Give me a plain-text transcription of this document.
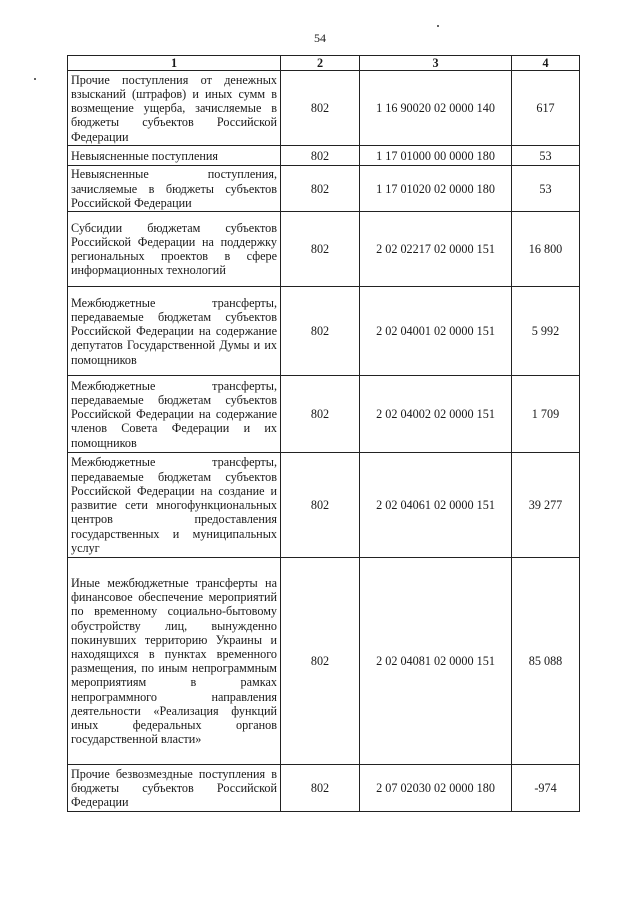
54
1	2	3	4
Прочие поступления от денежных взысканий (штрафов) и иных сумм в возмещение ущерба, зачисляемые в бюджеты субъектов Российской Федерации	802	1 16 90020 02 0000 140	617
Невыясненные поступления	802	1 17 01000 00 0000 180	53
Невыясненные поступления, зачисляемые в бюджеты субъектов Российской Федерации	802	1 17 01020 02 0000 180	53
Субсидии бюджетам субъектов Российской Федерации на поддержку региональных проектов в сфере информационных технологий	802	2 02 02217 02 0000 151	16 800
Межбюджетные трансферты, передаваемые бюджетам субъектов Российской Федерации на содержание депутатов Государственной Думы и их помощников	802	2 02 04001 02 0000 151	5 992
Межбюджетные трансферты, передаваемые бюджетам субъектов Российской Федерации на содержание членов Совета Федерации и их помощников	802	2 02 04002 02 0000 151	1 709
Межбюджетные трансферты, передаваемые бюджетам субъектов Российской Федерации на создание и развитие сети многофункциональных центров предоставления государственных и муниципальных услуг	802	2 02 04061 02 0000 151	39 277
Иные межбюджетные трансферты на финансовое обеспечение мероприятий по временному социально-бытовому обустройству лиц, вынужденно покинувших территорию Украины и находящихся в пунктах временного размещения, по иным непрограммным мероприятиям в рамках непрограммного направления деятельности «Реализация функций иных федеральных органов государственной власти»	802	2 02 04081 02 0000 151	85 088
Прочие безвозмездные поступления в бюджеты субъектов Российской Федерации	802	2 07 02030 02 0000 180	-974
